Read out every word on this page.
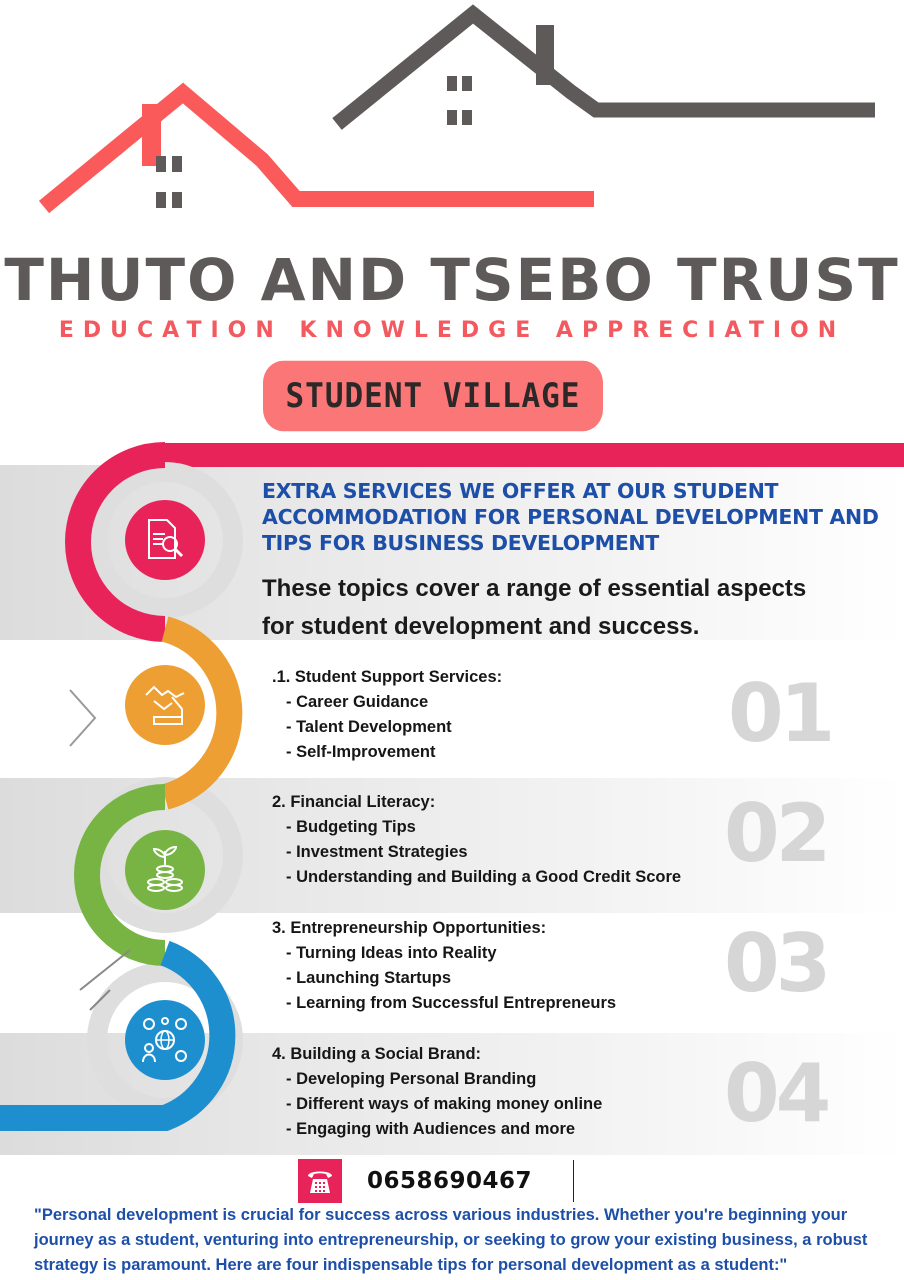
THUTO AND TSEBO TRUST
EDUCATION KNOWLEDGE APPRECIATION
STUDENT VILLAGE
EXTRA SERVICES WE OFFER AT OUR STUDENT ACCOMMODATION FOR PERSONAL DEVELOPMENT AND TIPS FOR BUSINESS DEVELOPMENT
These topics cover a range of essential aspects
for student development and success.
.1. Student Support Services:
- Career Guidance
- Talent Development
- Self-Improvement	01
2. Financial Literacy:
- Budgeting Tips
- Investment Strategies
- Understanding and Building a Good Credit Score 02
3. Entrepreneurship Opportunities:
- Turning Ideas into Reality
- Launching Startups
- Learning from Successful Entrepreneurs	03
4. Building a Social Brand:
- Developing Personal Branding
- Different ways of making money online
- Engaging with Audiences and more	04
0658690467
"Personal development is crucial for success across various industries. Whether you're beginning your journey as a student, venturing into entrepreneurship, or seeking to grow your existing business, a robust strategy is paramount. Here are four indispensable tips for personal development as a student:"
